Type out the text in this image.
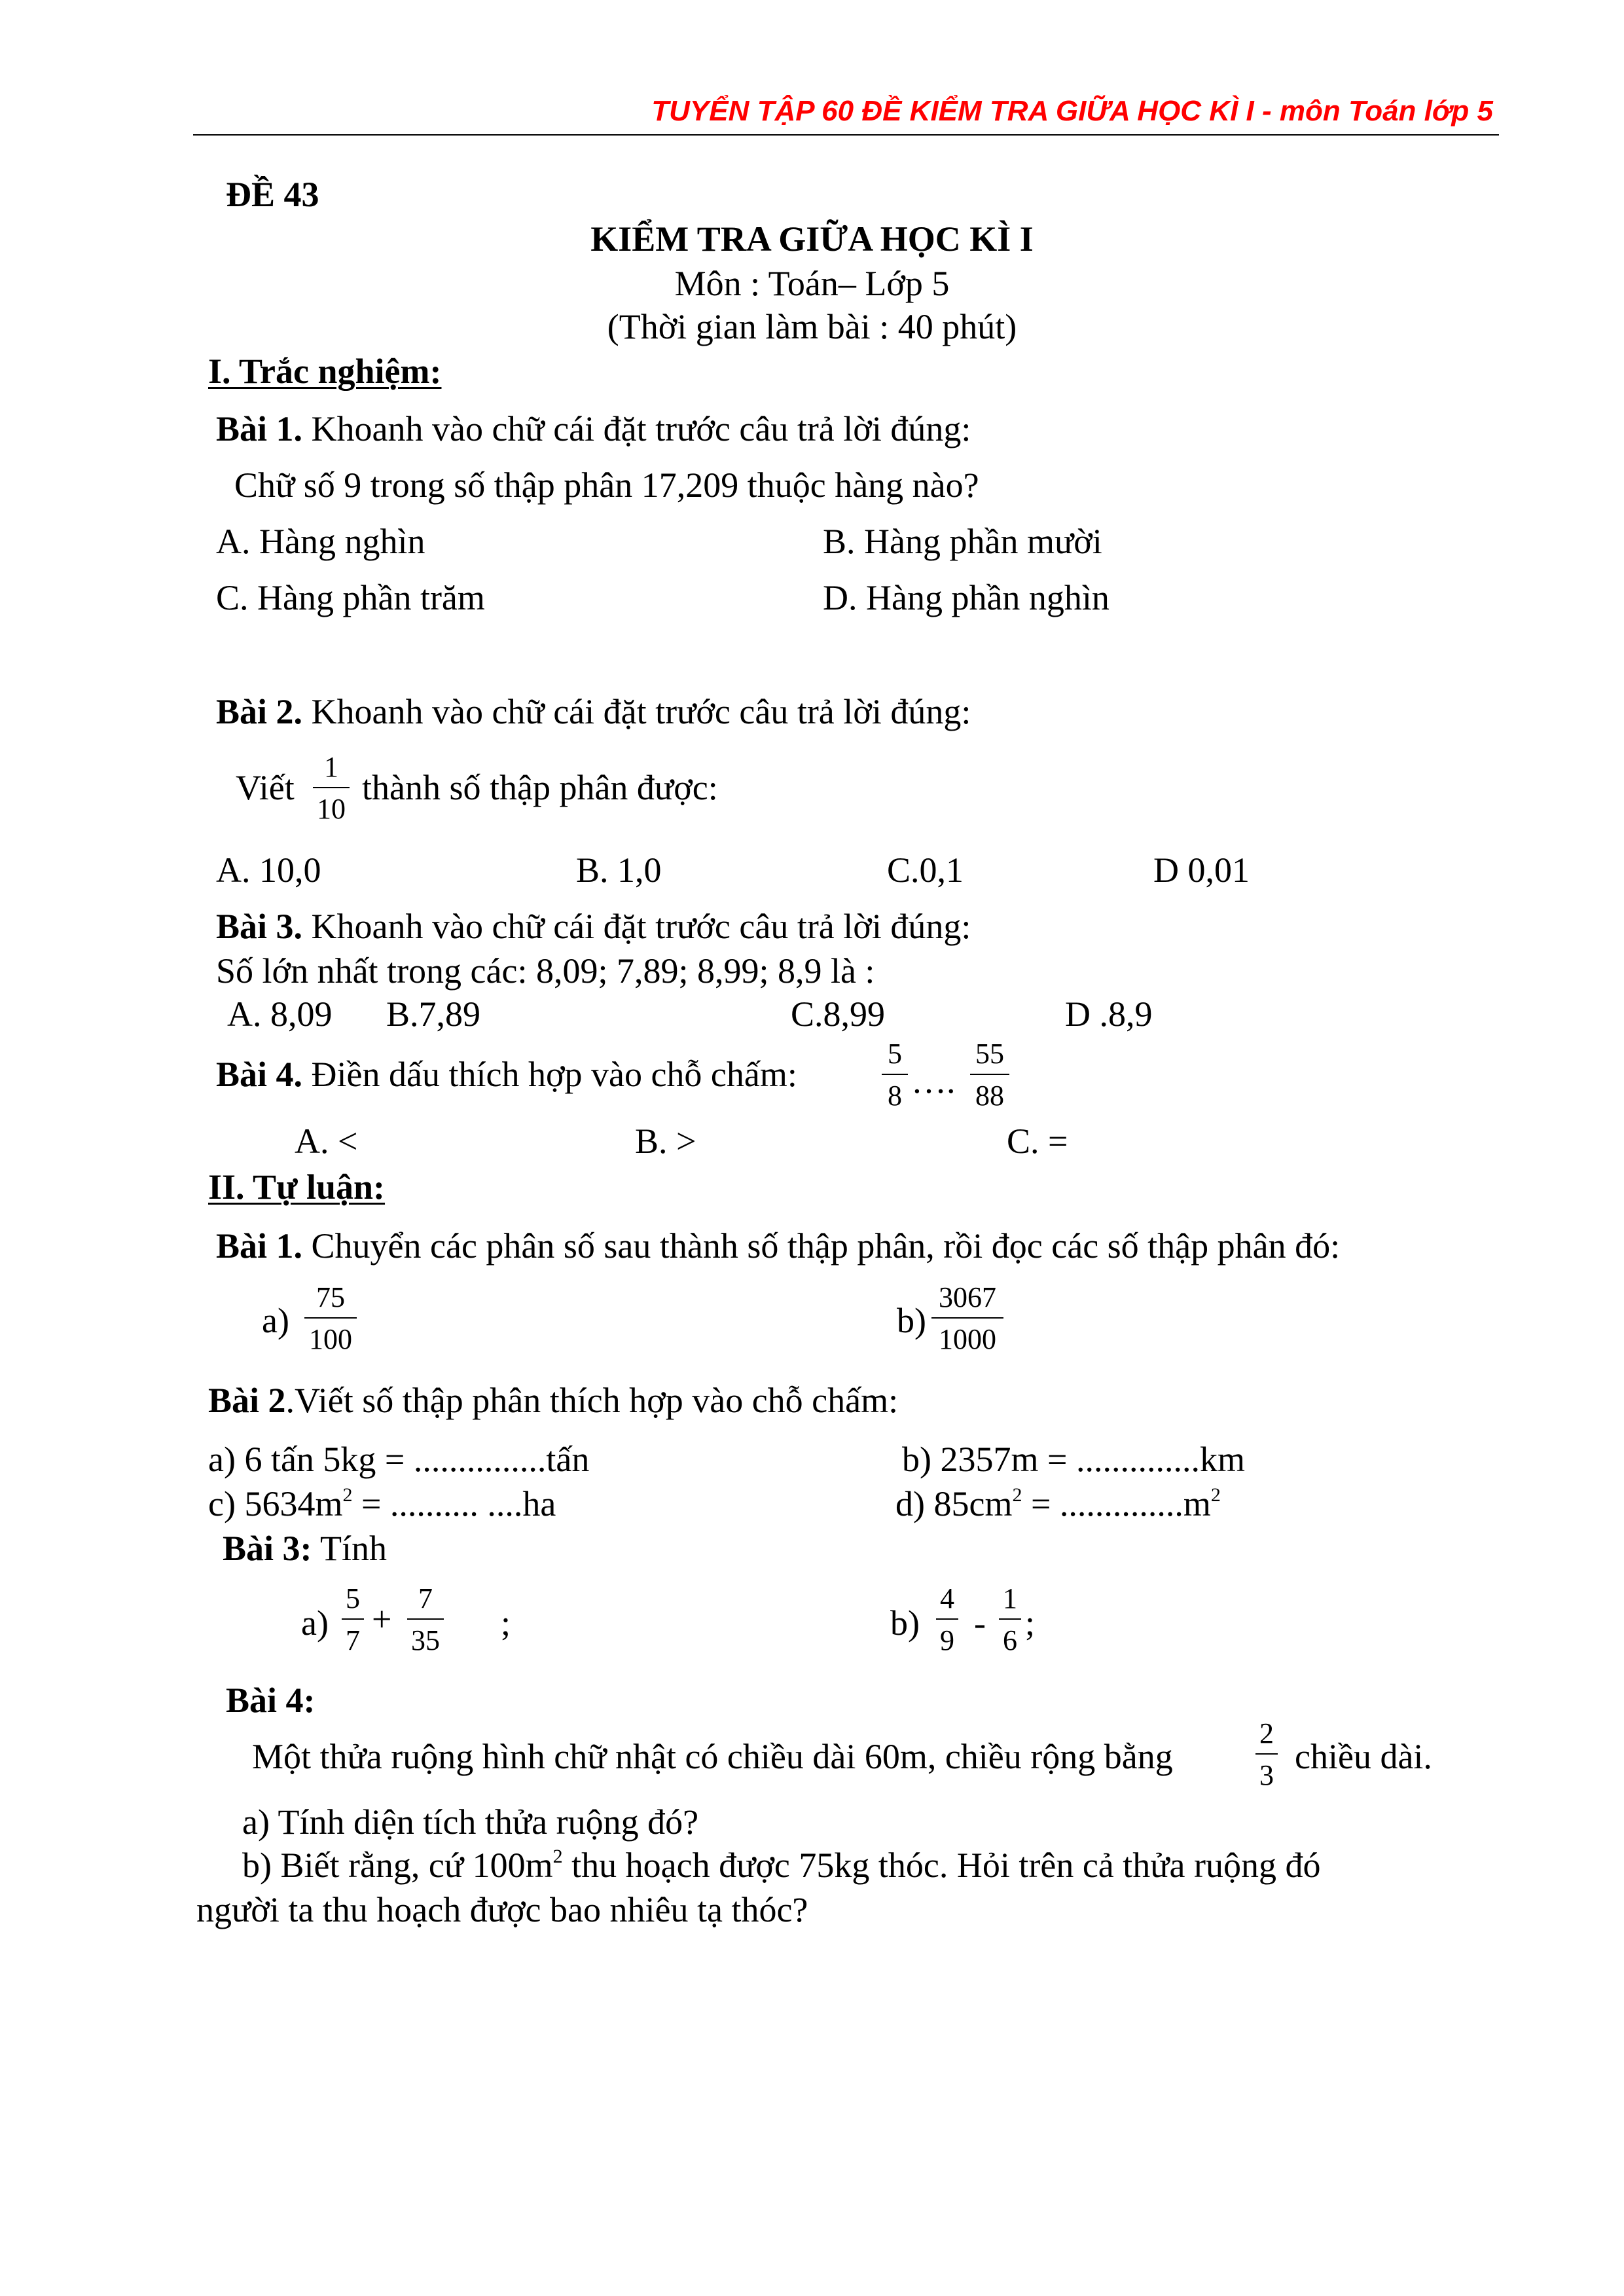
TUYỂN TẬP 60 ĐỀ KIỂM TRA GIỮA HỌC KÌ I - môn Toán lớp 5
ĐỀ 43
KIỂM TRA GIỮA HỌC KÌ I
Môn : Toán– Lớp 5
(Thời gian làm bài : 40 phút)
I. Trắc nghiệm:
Bài 1. Khoanh vào chữ cái đặt trước câu trả lời đúng:
Chữ số 9 trong số thập phân 17,209 thuộc hàng nào?
A. Hàng nghìn	B. Hàng phần mười
C. Hàng phần trăm	D. Hàng phần nghìn
Bài 2. Khoanh vào chữ cái đặt trước câu trả lời đúng:
Viết
1
10
thành số thập phân được:
A. 10,0	B. 1,0	C.0,1	D 0,01
Bài 3. Khoanh vào chữ cái đặt trước câu trả lời đúng:
Số lớn nhất trong các: 8,09; 7,89; 8,99; 8,9 là :
A. 8,09 B.7,89	C.8,99	D .8,9
Bài 4. Điền dấu thích hợp vào chỗ chấm:
5
8 ….
55
88
A. <	B. >	C. =
II. Tự luận:
Bài 1. Chuyển các phân số sau thành số thập phân, rồi đọc các số thập phân đó:
a)
75
100	b)
3067
1000
Bài 2.Viết số thập phân thích hợp vào chỗ chấm:
a) 6 tấn 5kg = ...............tấn	b) 2357m = ..............km
c) $5634m^2$ = .......... ....ha	d) $85cm^2 = ..............m^2$
Bài 3: Tính
a)
5
7
+
7
35 ;	b)
4
9 -
1
6 ;
Bài 4:
Một thửa ruộng hình chữ nhật có chiều dài 60m, chiều rộng bằng
2
3 chiều dài.
a) Tính diện tích thửa ruộng đó?
b) Biết rằng, cứ $100m^2$ thu hoạch được 75kg thóc. Hỏi trên cả thửa ruộng đó
người ta thu hoạch được bao nhiêu tạ thóc?
